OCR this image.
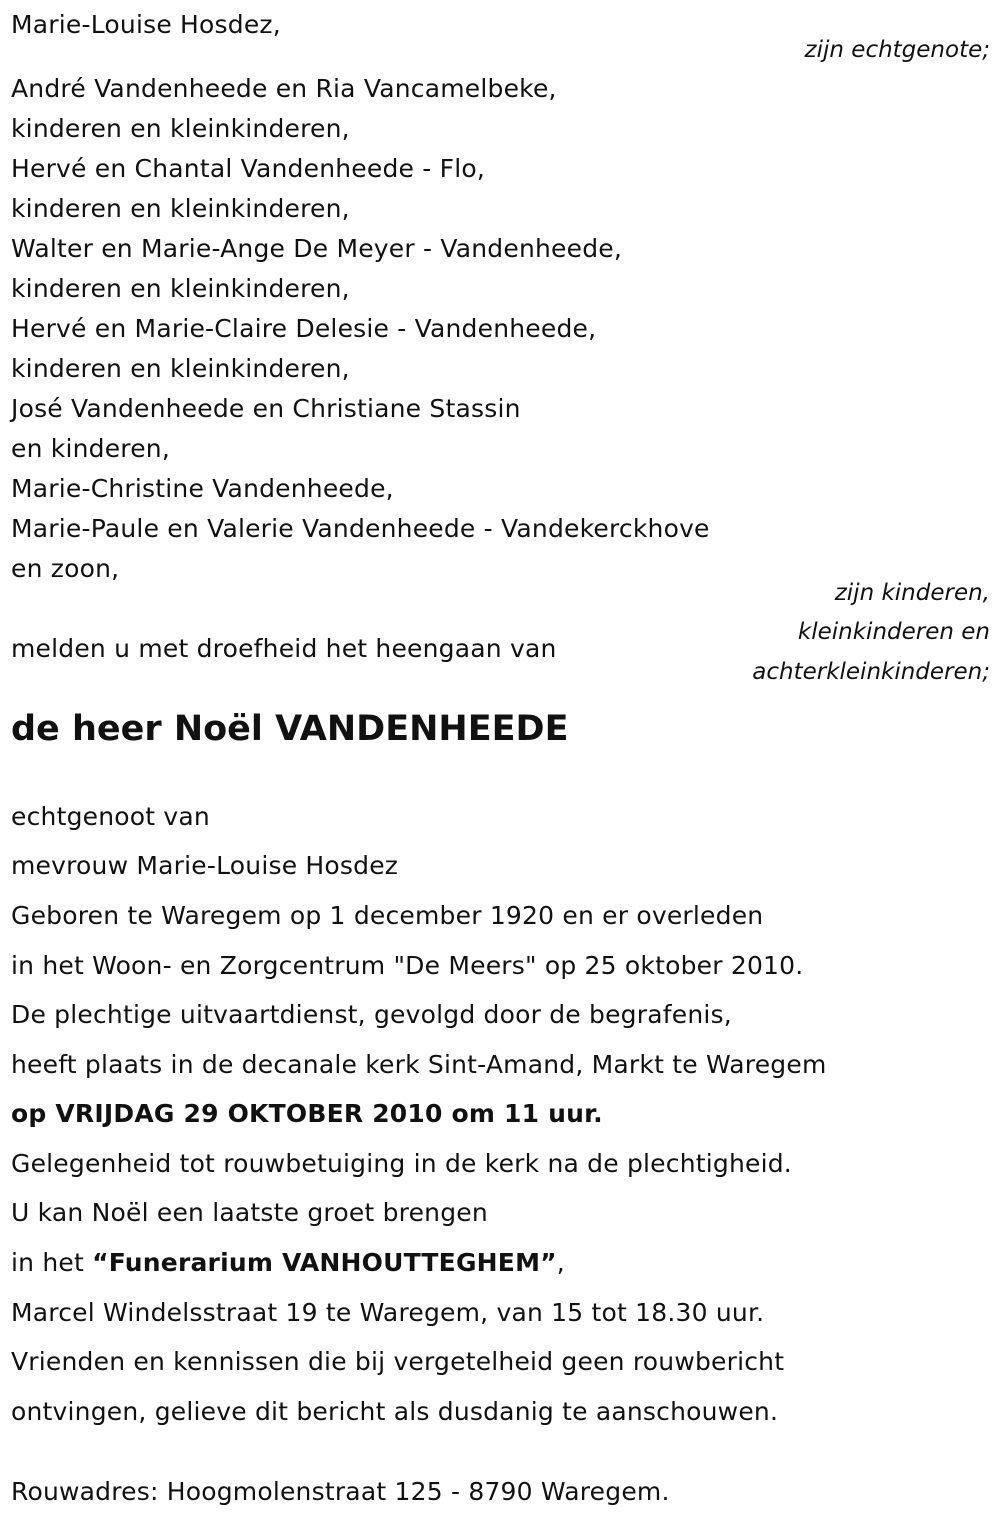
Marie-Louise Hosdez,
zijn echtgenote;
André Vandenheede en Ria Vancamelbeke,
kinderen en kleinkinderen,
Hervé en Chantal Vandenheede - Flo,
kinderen en kleinkinderen,
Walter en Marie-Ange De Meyer - Vandenheede,
kinderen en kleinkinderen,
Hervé en Marie-Claire Delesie - Vandenheede,
kinderen en kleinkinderen,
José Vandenheede en Christiane Stassin
en kinderen,
Marie-Christine Vandenheede,
Marie-Paule en Valerie Vandenheede - Vandekerckhove
en zoon,
zijn kinderen,
kleinkinderen en
achterkleinkinderen;
melden u met droefheid het heengaan van
de heer Noël VANDENHEEDE
echtgenoot van
mevrouw Marie-Louise Hosdez
Geboren te Waregem op 1 december 1920 en er overleden
in het Woon- en Zorgcentrum "De Meers" op 25 oktober 2010.
De plechtige uitvaartdienst, gevolgd door de begrafenis,
heeft plaats in de decanale kerk Sint-Amand, Markt te Waregem
op VRIJDAG 29 OKTOBER 2010 om 11 uur.
Gelegenheid tot rouwbetuiging in de kerk na de plechtigheid.
U kan Noël een laatste groet brengen
in het “Funerarium VANHOUTTEGHEM”,
Marcel Windelsstraat 19 te Waregem, van 15 tot 18.30 uur.
Vrienden en kennissen die bij vergetelheid geen rouwbericht
ontvingen, gelieve dit bericht als dusdanig te aanschouwen.
Rouwadres: Hoogmolenstraat 125 - 8790 Waregem.
